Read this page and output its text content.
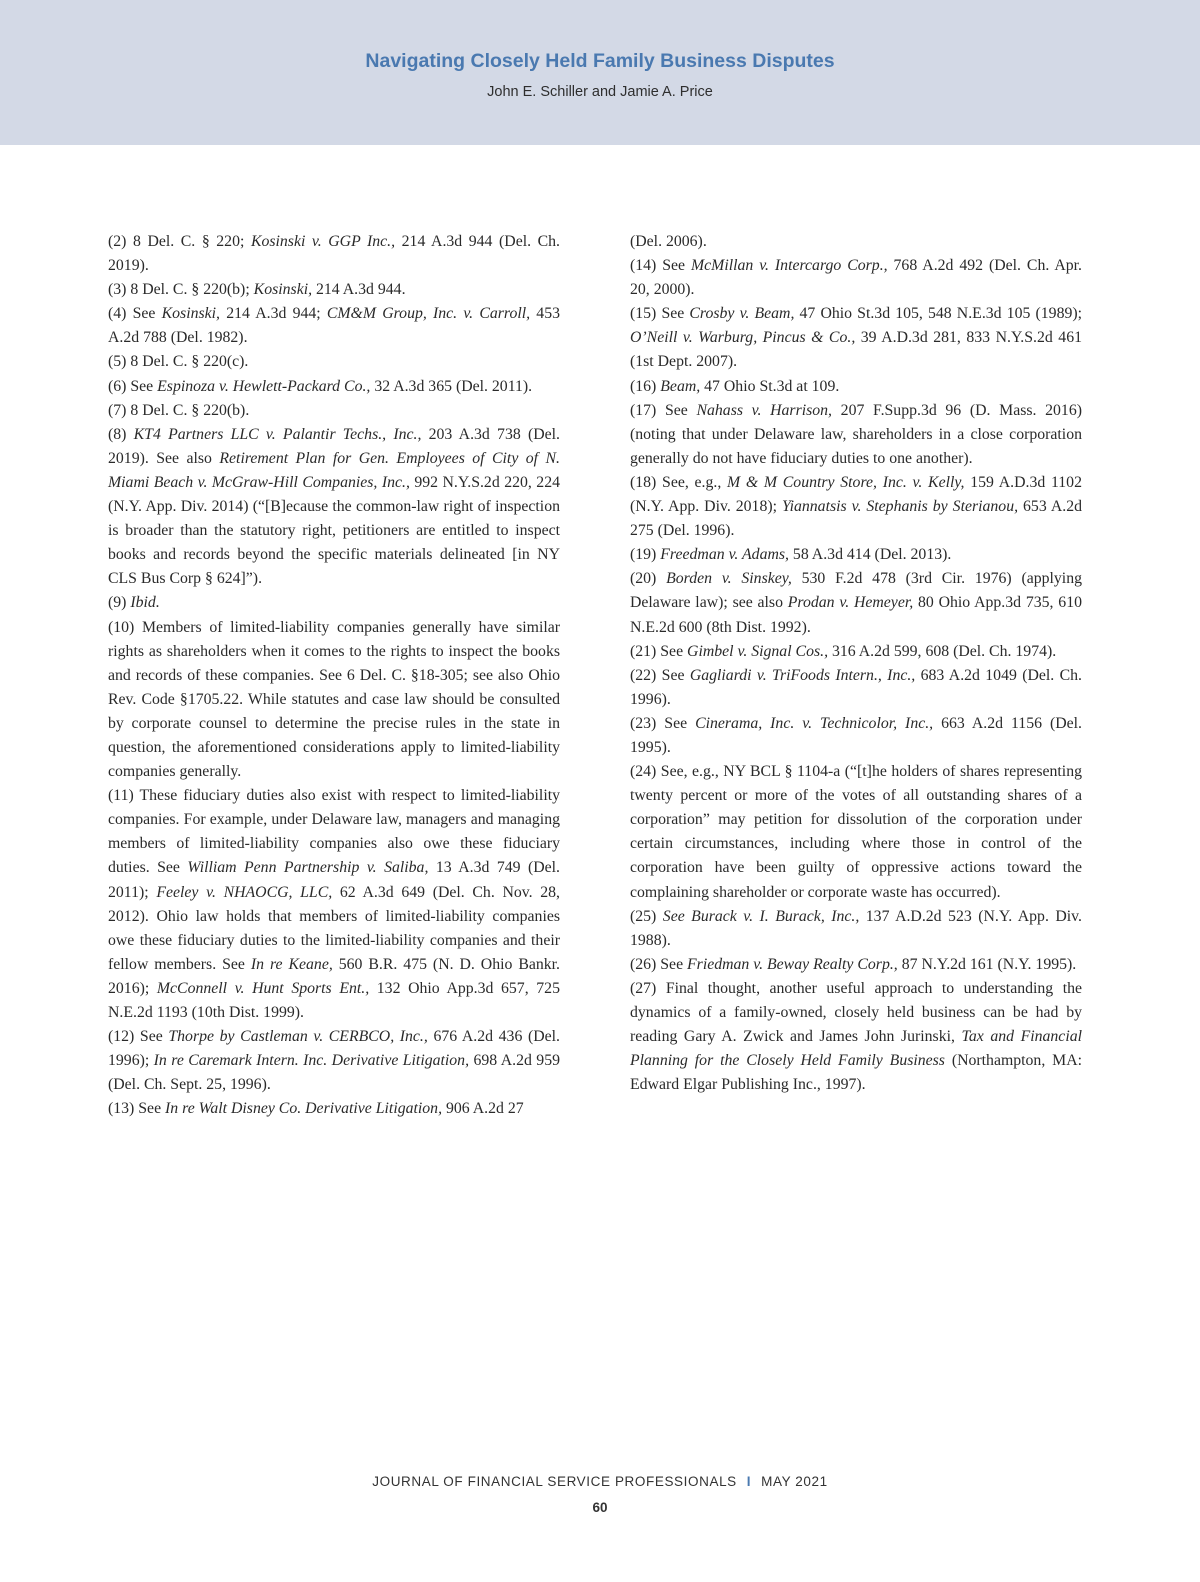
Navigating Closely Held Family Business Disputes
John E. Schiller and Jamie A. Price

(2) 8 Del. C. § 220; Kosinski v. GGP Inc., 214 A.3d 944 (Del. Ch. 2019).

(3) 8 Del. C. § 220(b); Kosinski, 214 A.3d 944.

(4) See Kosinski, 214 A.3d 944; CM&M Group, Inc. v. Carroll, 453 A.2d 788 (Del. 1982).

(5) 8 Del. C. § 220(c).

(6) See Espinoza v. Hewlett-Packard Co., 32 A.3d 365 (Del. 2011).

(7) 8 Del. C. § 220(b).

(8) KT4 Partners LLC v. Palantir Techs., Inc., 203 A.3d 738 (Del. 2019). See also Retirement Plan for Gen. Employees of City of N. Miami Beach v. McGraw-Hill Companies, Inc., 992 N.Y.S.2d 220, 224 (N.Y. App. Div. 2014) (“[B]ecause the common-law right of inspection is broader than the statutory right, petitioners are entitled to inspect books and records beyond the specific materials delineated [in NY CLS Bus Corp § 624]”).

(9) Ibid.

(10) Members of limited-liability companies generally have similar rights as shareholders when it comes to the rights to inspect the books and records of these companies. See 6 Del. C. §18-305; see also Ohio Rev. Code §1705.22. While statutes and case law should be consulted by corporate counsel to determine the precise rules in the state in question, the aforementioned considerations apply to limited-liability companies generally.

(11) These fiduciary duties also exist with respect to limited-liability companies. For example, under Delaware law, managers and managing members of limited-liability companies also owe these fiduciary duties. See William Penn Partnership v. Saliba, 13 A.3d 749 (Del. 2011); Feeley v. NHAOCG, LLC, 62 A.3d 649 (Del. Ch. Nov. 28, 2012). Ohio law holds that members of limited-liability companies owe these fiduciary duties to the limited-liability companies and their fellow members. See In re Keane, 560 B.R. 475 (N. D. Ohio Bankr. 2016); McConnell v. Hunt Sports Ent., 132 Ohio App.3d 657, 725 N.E.2d 1193 (10th Dist. 1999).

(12) See Thorpe by Castleman v. CERBCO, Inc., 676 A.2d 436 (Del. 1996); In re Caremark Intern. Inc. Derivative Litigation, 698 A.2d 959 (Del. Ch. Sept. 25, 1996).

(13) See In re Walt Disney Co. Derivative Litigation, 906 A.2d 27

(Del. 2006).

(14) See McMillan v. Intercargo Corp., 768 A.2d 492 (Del. Ch. Apr. 20, 2000).

(15) See Crosby v. Beam, 47 Ohio St.3d 105, 548 N.E.3d 105 (1989); O’Neill v. Warburg, Pincus & Co., 39 A.D.3d 281, 833 N.Y.S.2d 461 (1st Dept. 2007).

(16) Beam, 47 Ohio St.3d at 109.

(17) See Nahass v. Harrison, 207 F.Supp.3d 96 (D. Mass. 2016) (noting that under Delaware law, shareholders in a close corporation generally do not have fiduciary duties to one another).

(18) See, e.g., M & M Country Store, Inc. v. Kelly, 159 A.D.3d 1102 (N.Y. App. Div. 2018); Yiannatsis v. Stephanis by Sterianou, 653 A.2d 275 (Del. 1996).

(19) Freedman v. Adams, 58 A.3d 414 (Del. 2013).

(20) Borden v. Sinskey, 530 F.2d 478 (3rd Cir. 1976) (applying Delaware law); see also Prodan v. Hemeyer, 80 Ohio App.3d 735, 610 N.E.2d 600 (8th Dist. 1992).

(21) See Gimbel v. Signal Cos., 316 A.2d 599, 608 (Del. Ch. 1974).

(22) See Gagliardi v. TriFoods Intern., Inc., 683 A.2d 1049 (Del. Ch. 1996).

(23) See Cinerama, Inc. v. Technicolor, Inc., 663 A.2d 1156 (Del. 1995).

(24) See, e.g., NY BCL § 1104-a (“[t]he holders of shares representing twenty percent or more of the votes of all outstanding shares of a corporation” may petition for dissolution of the corporation under certain circumstances, including where those in control of the corporation have been guilty of oppressive actions toward the complaining shareholder or corporate waste has occurred).

(25) See Burack v. I. Burack, Inc., 137 A.D.2d 523 (N.Y. App. Div. 1988).

(26) See Friedman v. Beway Realty Corp., 87 N.Y.2d 161 (N.Y. 1995).

(27) Final thought, another useful approach to understanding the dynamics of a family-owned, closely held business can be had by reading Gary A. Zwick and James John Jurinski, Tax and Financial Planning for the Closely Held Family Business (Northampton, MA: Edward Elgar Publishing Inc., 1997).

JOURNAL OF FINANCIAL SERVICE PROFESSIONALS I MAY 2021
60
